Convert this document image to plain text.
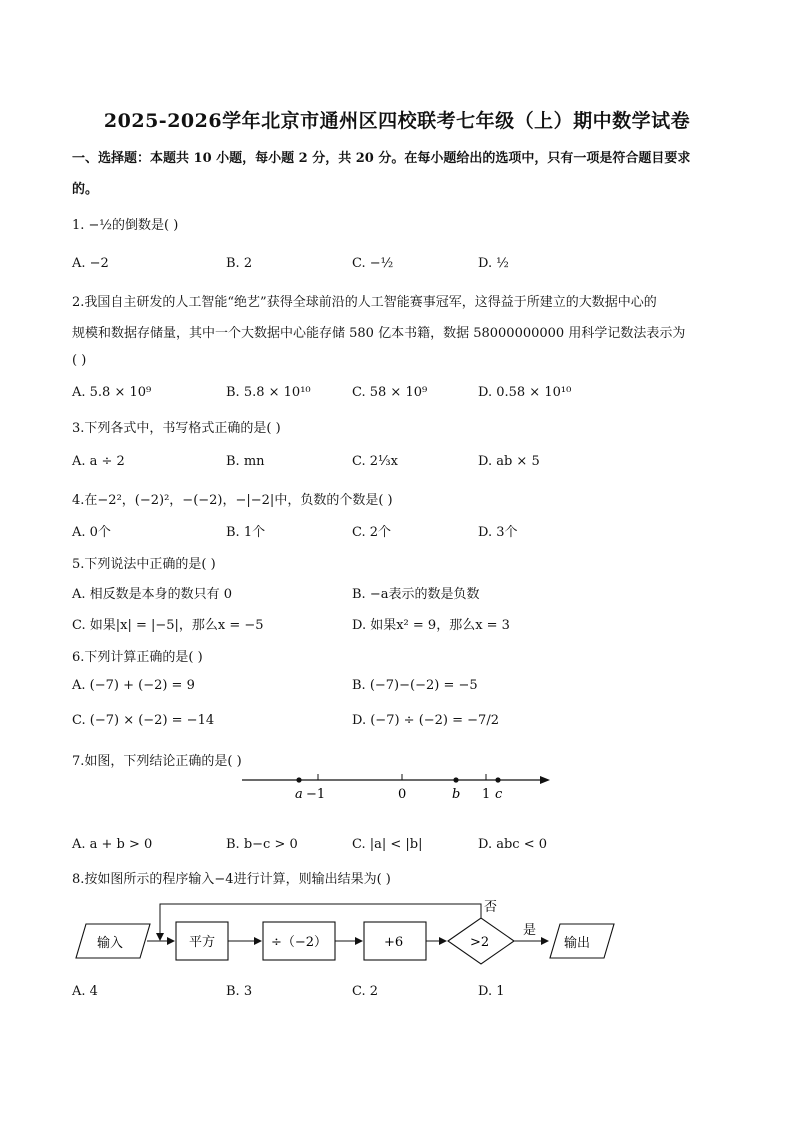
2025-2026学年北京市通州区四校联考七年级（上）期中数学试卷
一、选择题：本题共 10 小题，每小题 2 分，共 20 分。在每小题给出的选项中，只有一项是符合题目要求
的。
1. −½的倒数是( )
A. −2	B. 2	C. −½	D. ½
2.我国自主研发的人工智能“绝艺”获得全球前沿的人工智能赛事冠军，这得益于所建立的大数据中心的
规模和数据存储量，其中一个大数据中心能存储 580 亿本书籍，数据 58000000000 用科学记数法表示为
( )
A. 5.8 × 10⁹	B. 5.8 × 10¹⁰	C. 58 × 10⁹	D. 0.58 × 10¹⁰
3.下列各式中，书写格式正确的是( )
A. a ÷ 2	B. mn	C. 2⅓x	D. ab × 5
4.在−2²，(−2)²，−(−2)，−|−2|中，负数的个数是( )
A. 0个	B. 1个	C. 2个	D. 3个
5.下列说法中正确的是( )
A. 相反数是本身的数只有 0	B. −a表示的数是负数
C. 如果|x| = |−5|，那么x = −5	D. 如果x² = 9，那么x = 3
6.下列计算正确的是( )
A. (−7) + (−2) = 9	B. (−7)−(−2) = −5
C. (−7) × (−2) = −14	D. (−7) ÷ (−2) = −7/2
7.如图，下列结论正确的是( )
a −1	0	b 1 c
A. a + b > 0	B. b−c > 0	C. |a| < |b|	D. abc < 0
8.按如图所示的程序输入−4进行计算，则输出结果为( )
输入	平方	÷（−2）	+6	>2
否
是
输出
A. 4	B. 3	C. 2	D. 1
